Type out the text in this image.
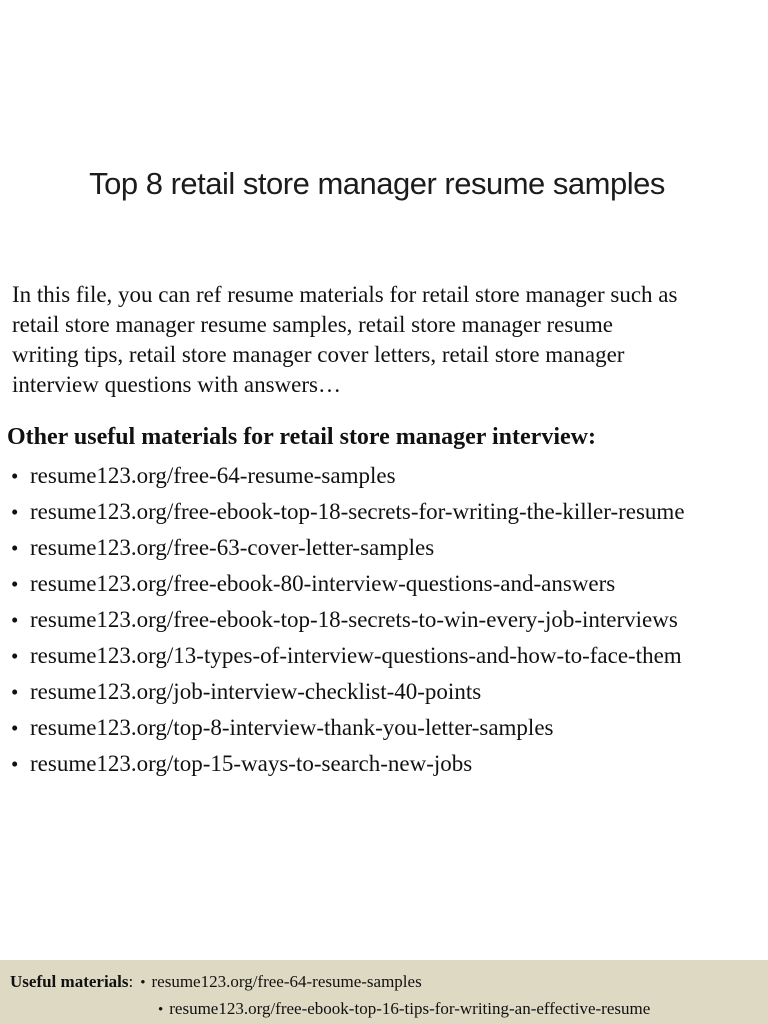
Top 8 retail store manager resume samples
In this file, you can ref resume materials for retail store manager such as
retail store manager resume samples, retail store manager resume
writing tips, retail store manager cover letters, retail store manager
interview questions with answers…
Other useful materials for retail store manager interview:
• resume123.org/free-64-resume-samples
• resume123.org/free-ebook-top-18-secrets-for-writing-the-killer-resume
• resume123.org/free-63-cover-letter-samples
• resume123.org/free-ebook-80-interview-questions-and-answers
• resume123.org/free-ebook-top-18-secrets-to-win-every-job-interviews
• resume123.org/13-types-of-interview-questions-and-how-to-face-them
• resume123.org/job-interview-checklist-40-points
• resume123.org/top-8-interview-thank-you-letter-samples
• resume123.org/top-15-ways-to-search-new-jobs
Useful materials: • resume123.org/free-64-resume-samples
• resume123.org/free-ebook-top-16-tips-for-writing-an-effective-resume
